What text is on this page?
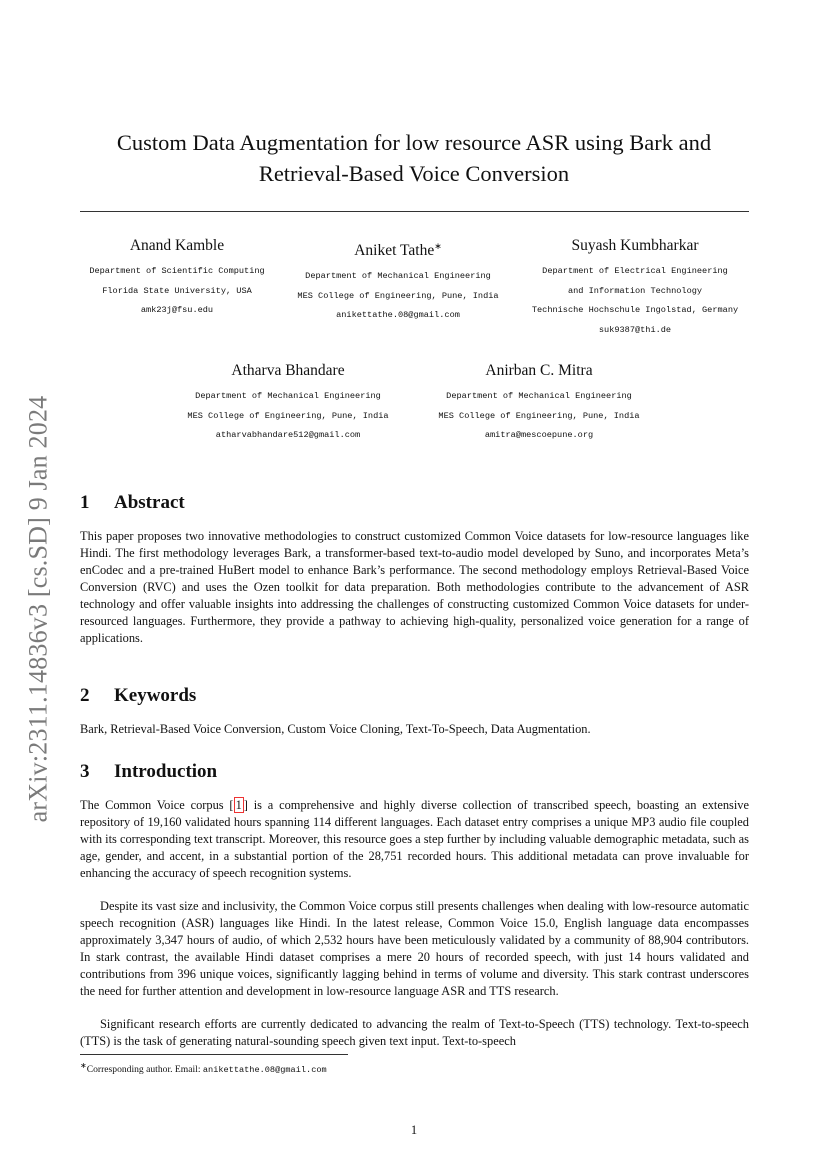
arXiv:2311.14836v3 [cs.SD] 9 Jan 2024
Custom Data Augmentation for low resource ASR using Bark and
Retrieval-Based Voice Conversion
Anand Kamble
Department of Scientific Computing
Florida State University, USA
amk23j@fsu.edu
Aniket Tathe∗
Department of Mechanical Engineering
MES College of Engineering, Pune, India
anikettathe.08@gmail.com
Suyash Kumbharkar
Department of Electrical Engineering
and Information Technology
Technische Hochschule Ingolstad, Germany
suk9387@thi.de
Atharva Bhandare
Department of Mechanical Engineering
MES College of Engineering, Pune, India
atharvabhandare512@gmail.com
Anirban C. Mitra
Department of Mechanical Engineering
MES College of Engineering, Pune, India
amitra@mescoepune.org
1 Abstract

This paper proposes two innovative methodologies to construct customized Common Voice datasets for low-resource languages like Hindi. The first methodology leverages Bark, a transformer-based text-to-audio model developed by Suno, and incorporates Meta’s enCodec and a pre-trained HuBert model to enhance Bark’s performance. The second methodology employs Retrieval-Based Voice Conversion (RVC) and uses the Ozen toolkit for data preparation. Both methodologies contribute to the advancement of ASR technology and offer valuable insights into addressing the challenges of constructing customized Common Voice datasets for under-resourced languages. Furthermore, they provide a pathway to achieving high-quality, personalized voice generation for a range of applications.

2 Keywords

Bark, Retrieval-Based Voice Conversion, Custom Voice Cloning, Text-To-Speech, Data Augmentation.

3 Introduction

The Common Voice corpus [ 1 ] is a comprehensive and highly diverse collection of transcribed speech, boasting an extensive repository of 19,160 validated hours spanning 114 different languages. Each dataset entry comprises a unique MP3 audio file coupled with its corresponding text transcript. Moreover, this resource goes a step further by including valuable demographic metadata, such as age, gender, and accent, in a substantial portion of the 28,751 recorded hours. This additional metadata can prove invaluable for enhancing the accuracy of speech recognition systems.

Despite its vast size and inclusivity, the Common Voice corpus still presents challenges when dealing with low-resource automatic speech recognition (ASR) languages like Hindi. In the latest release, Common Voice 15.0, English language data encompasses approximately 3,347 hours of audio, of which 2,532 hours have been meticulously validated by a community of 88,904 contributors. In stark contrast, the available Hindi dataset comprises a mere 20 hours of recorded speech, with just 14 hours validated and contributions from 396 unique voices, significantly lagging behind in terms of volume and diversity. This stark contrast underscores the need for further attention and development in low-resource language ASR and TTS research.

Significant research efforts are currently dedicated to advancing the realm of Text-to-Speech (TTS) technology. Text-to-speech (TTS) is the task of generating natural-sounding speech given text input. Text-to-speech

∗Corresponding author. Email: anikettathe.08@gmail.com
1
